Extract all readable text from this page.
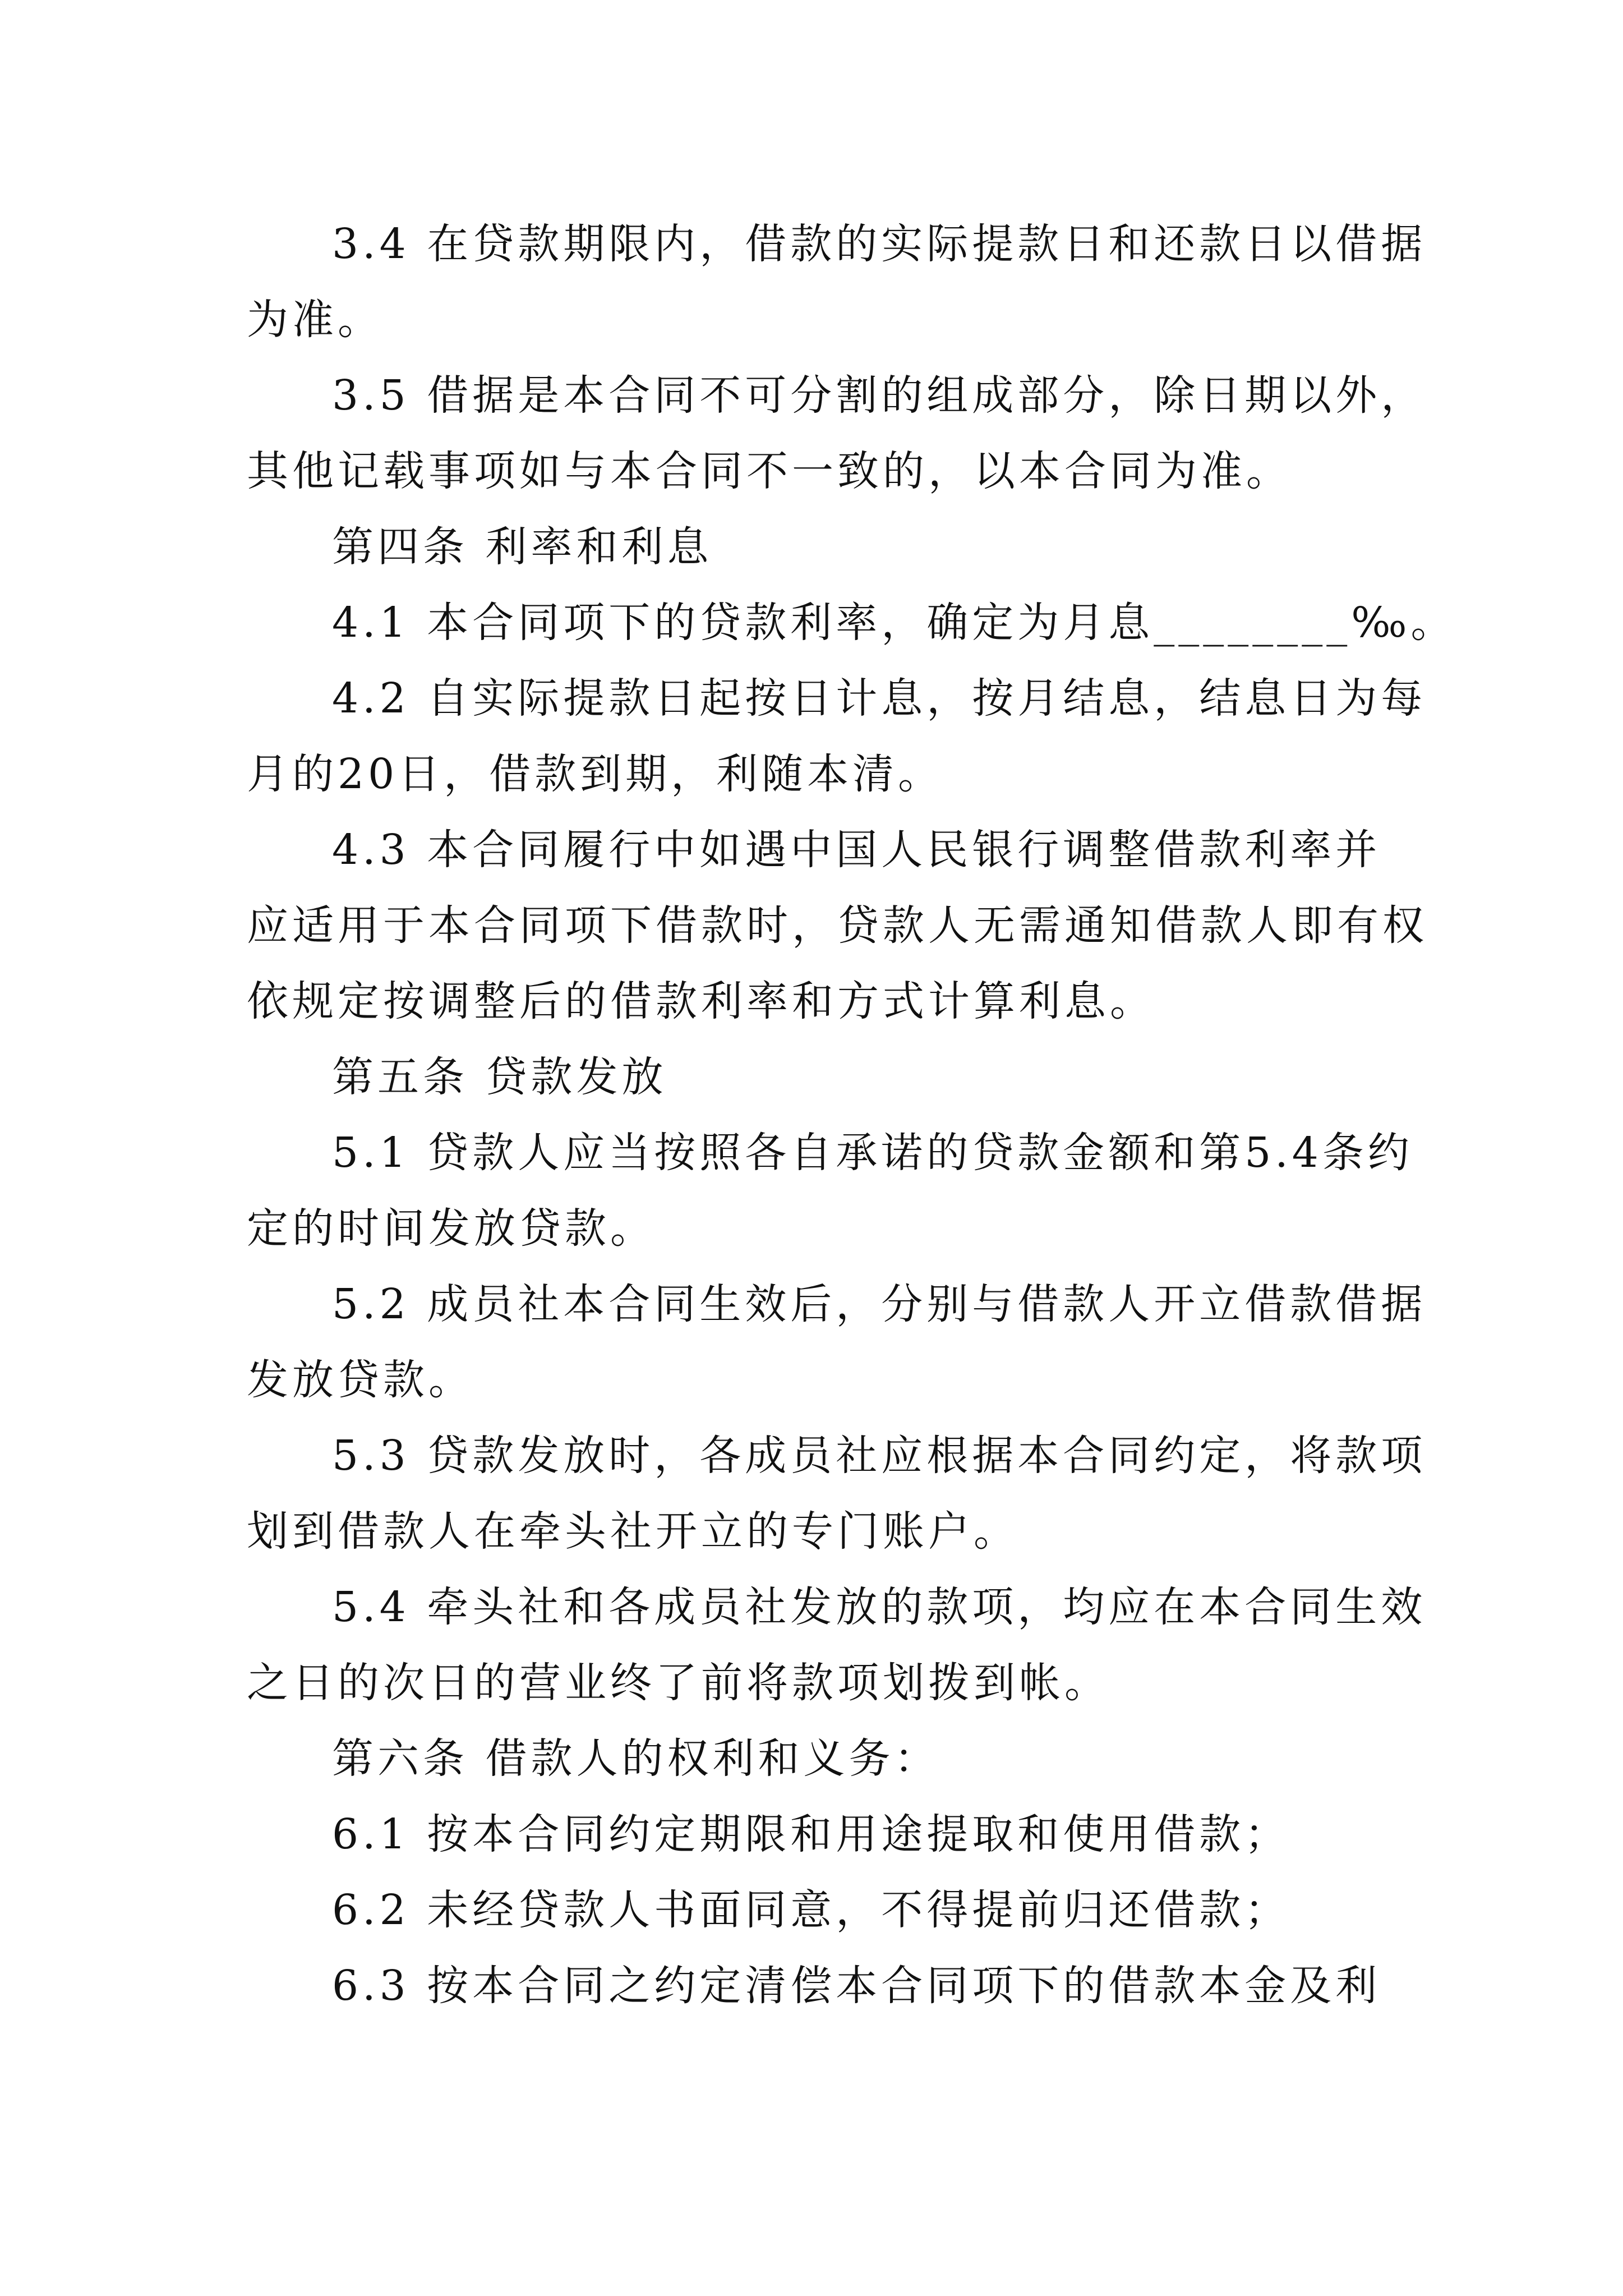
3.4 在贷款期限内，借款的实际提款日和还款日以借据
为准。
3.5 借据是本合同不可分割的组成部分，除日期以外，
其他记载事项如与本合同不一致的，以本合同为准。
第四条 利率和利息
4.1 本合同项下的贷款利率，确定为月息________‰。
4.2 自实际提款日起按日计息，按月结息，结息日为每
月的20日，借款到期，利随本清。
4.3 本合同履行中如遇中国人民银行调整借款利率并
应适用于本合同项下借款时，贷款人无需通知借款人即有权
依规定按调整后的借款利率和方式计算利息。
第五条 贷款发放
5.1 贷款人应当按照各自承诺的贷款金额和第5.4条约
定的时间发放贷款。
5.2 成员社本合同生效后，分别与借款人开立借款借据
发放贷款。
5.3 贷款发放时，各成员社应根据本合同约定，将款项
划到借款人在牵头社开立的专门账户。
5.4 牵头社和各成员社发放的款项，均应在本合同生效
之日的次日的营业终了前将款项划拨到帐。
第六条 借款人的权利和义务：
6.1 按本合同约定期限和用途提取和使用借款；
6.2 未经贷款人书面同意，不得提前归还借款；
6.3 按本合同之约定清偿本合同项下的借款本金及利
